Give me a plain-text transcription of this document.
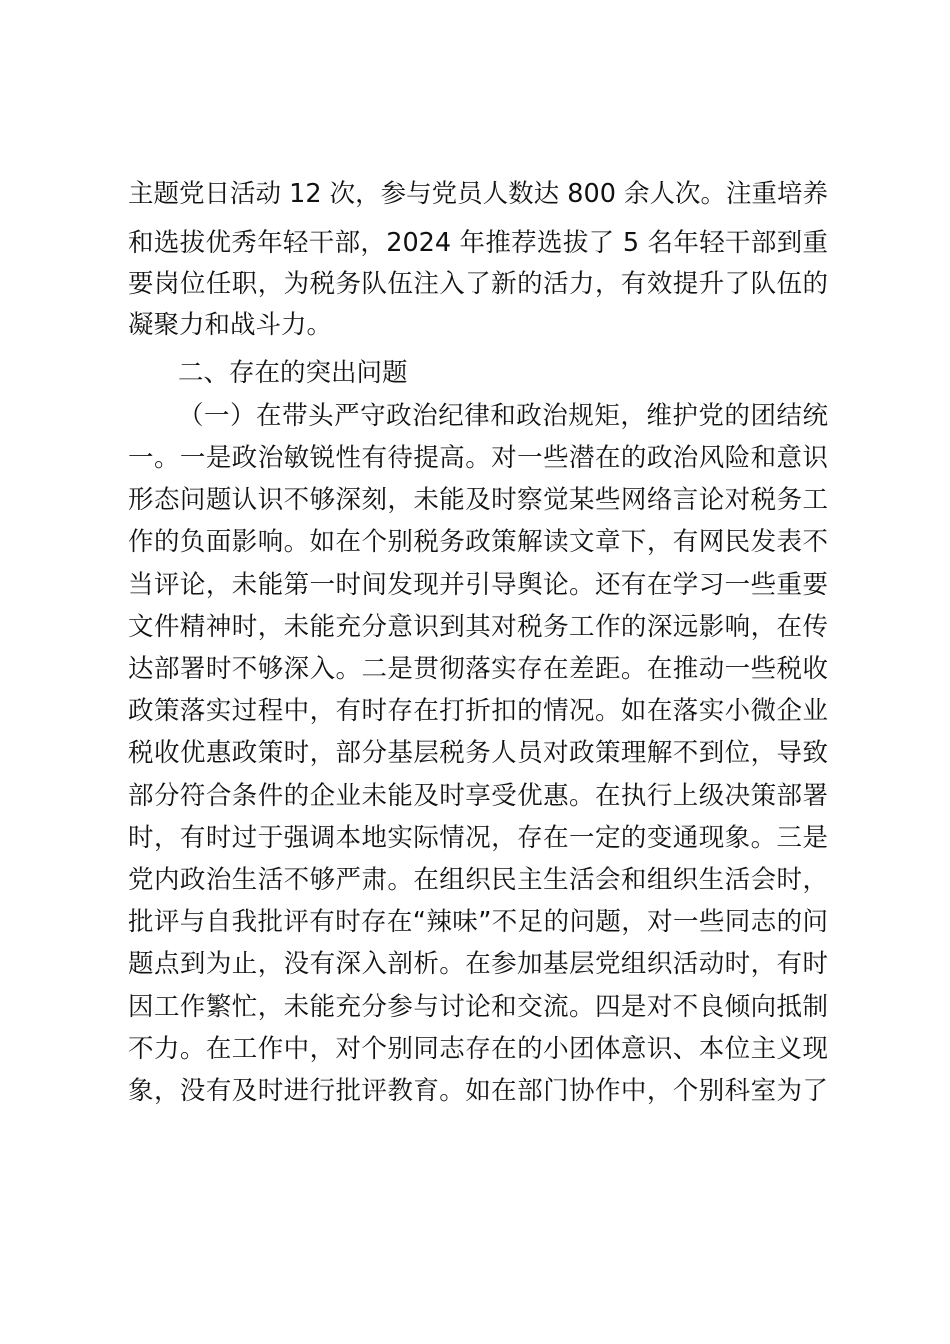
主题党日活动 12 次，参与党员人数达 800 余人次。注重培养
和选拔优秀年轻干部，2024 年推荐选拔了 5 名年轻干部到重
要岗位任职，为税务队伍注入了新的活力，有效提升了队伍的
凝聚力和战斗力。
二、存在的突出问题
（一）在带头严守政治纪律和政治规矩，维护党的团结统
一。一是政治敏锐性有待提高。对一些潜在的政治风险和意识
形态问题认识不够深刻，未能及时察觉某些网络言论对税务工
作的负面影响。如在个别税务政策解读文章下，有网民发表不
当评论，未能第一时间发现并引导舆论。还有在学习一些重要
文件精神时，未能充分意识到其对税务工作的深远影响，在传
达部署时不够深入。二是贯彻落实存在差距。在推动一些税收
政策落实过程中，有时存在打折扣的情况。如在落实小微企业
税收优惠政策时，部分基层税务人员对政策理解不到位，导致
部分符合条件的企业未能及时享受优惠。在执行上级决策部署
时，有时过于强调本地实际情况，存在一定的变通现象。三是
党内政治生活不够严肃。在组织民主生活会和组织生活会时，
批评与自我批评有时存在“辣味”不足的问题，对一些同志的问
题点到为止，没有深入剖析。在参加基层党组织活动时，有时
因工作繁忙，未能充分参与讨论和交流。四是对不良倾向抵制
不力。在工作中，对个别同志存在的小团体意识、本位主义现
象，没有及时进行批评教育。如在部门协作中，个别科室为了
